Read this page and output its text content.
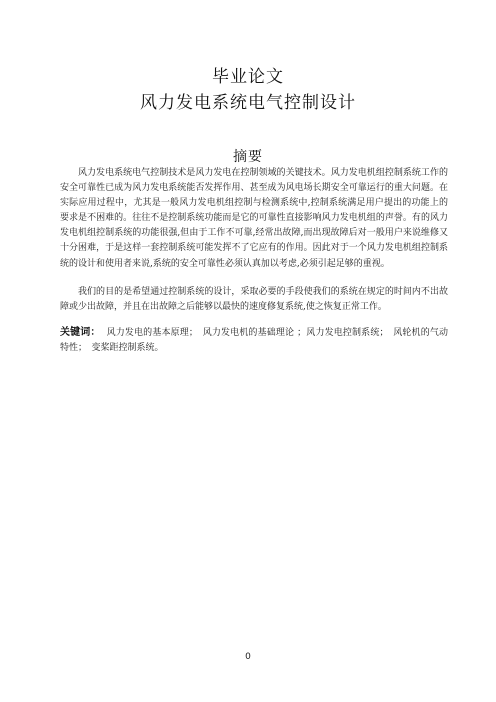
毕业论文
风力发电系统电气控制设计
摘要

风力发电系统电气控制技术是风力发电在控制领域的关键技术。风力发电机组控制系统工作的安全可靠性已成为风力发电系统能否发挥作用、甚至成为风电场长期安全可靠运行的重大问题。在实际应用过程中，尤其是一般风力发电机组控制与检测系统中,控制系统满足用户提出的功能上的要求是不困难的。往往不是控制系统功能而是它的可靠性直接影响风力发电机组的声誉。有的风力发电机组控制系统的功能很强,但由于工作不可靠,经常出故障,而出现故障后对一般用户来说维修又十分困难，于是这样一套控制系统可能发挥不了它应有的作用。因此对于一个风力发电机组控制系统的设计和使用者来说,系统的安全可靠性必须认真加以考虑,必须引起足够的重视。

我们的目的是希望通过控制系统的设计，采取必要的手段使我们的系统在规定的时间内不出故障或少出故障，并且在出故障之后能够以最快的速度修复系统,使之恢复正常工作。

关键词： 风力发电的基本原理；　风力发电机的基础理论 ；风力发电控制系统；　风轮机的气动特性；　变桨距控制系统。

0
